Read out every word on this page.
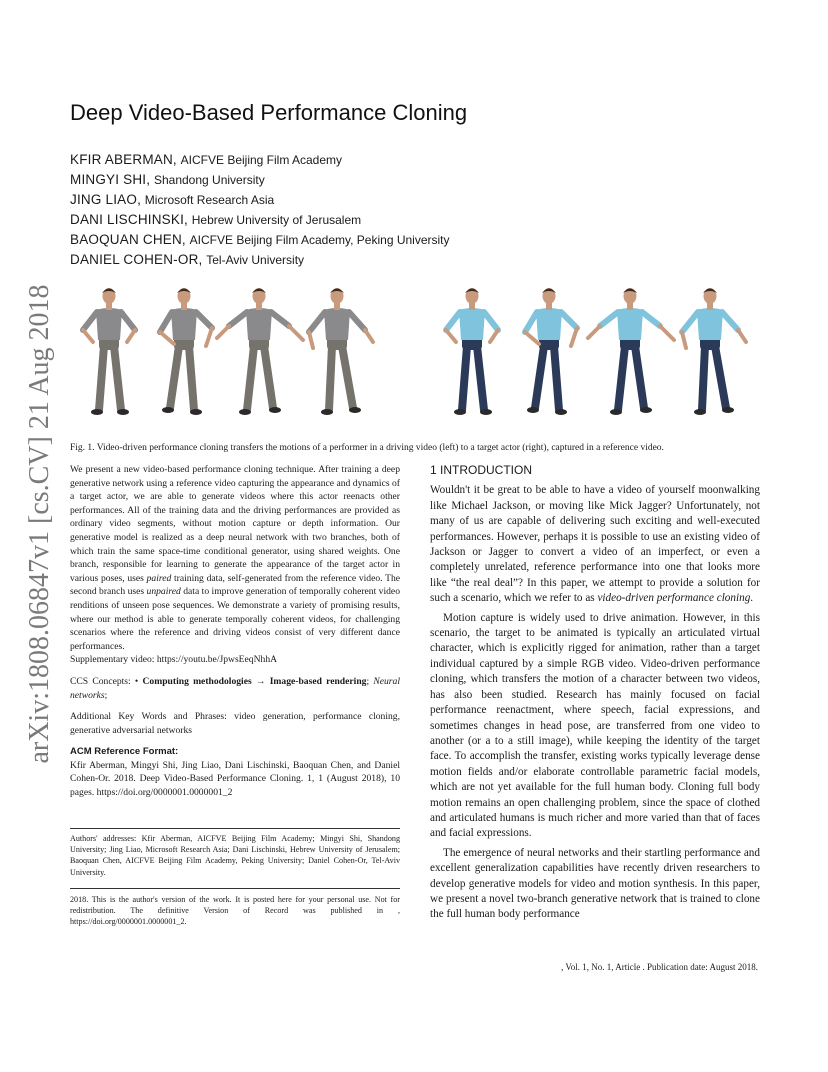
Deep Video-Based Performance Cloning
KFIR ABERMAN, AICFVE Beijing Film Academy
MINGYI SHI, Shandong University
JING LIAO, Microsoft Research Asia
DANI LISCHINSKI, Hebrew University of Jerusalem
BAOQUAN CHEN, AICFVE Beijing Film Academy, Peking University
DANIEL COHEN-OR, Tel-Aviv University
arXiv:1808.06847v1 [cs.CV] 21 Aug 2018 Fig. 1. Video-driven performance cloning transfers the motions of a performer in a driving video (left) to a target actor (right), captured in a reference video.

We present a new video-based performance cloning technique. After training a deep generative network using a reference video capturing the appearance and dynamics of a target actor, we are able to generate videos where this actor reenacts other performances. All of the training data and the driving performances are provided as ordinary video segments, without motion capture or depth information. Our generative model is realized as a deep neural network with two branches, both of which train the same space-time conditional generator, using shared weights. One branch, responsible for learning to generate the appearance of the target actor in various poses, uses paired training data, self-generated from the reference video. The second branch uses unpaired data to improve generation of temporally coherent video renditions of unseen pose sequences. We demonstrate a variety of promising results, where our method is able to generate temporally coherent videos, for challenging scenarios where the reference and driving videos consist of very different dance performances.
Supplementary video: https://youtu.be/JpwsEeqNhhA

CCS Concepts: • Computing methodologies → Image-based rendering; Neural networks;

Additional Key Words and Phrases: video generation, performance cloning, generative adversarial networks

ACM Reference Format:

Kfir Aberman, Mingyi Shi, Jing Liao, Dani Lischinski, Baoquan Chen, and Daniel Cohen-Or. 2018. Deep Video-Based Performance Cloning. 1, 1 (August 2018), 10 pages. https://doi.org/0000001.0000001_2

Authors' addresses: Kfir Aberman, AICFVE Beijing Film Academy; Mingyi Shi, Shandong University; Jing Liao, Microsoft Research Asia; Dani Lischinski, Hebrew University of Jerusalem; Baoquan Chen, AICFVE Beijing Film Academy, Peking University; Daniel Cohen-Or, Tel-Aviv University.
2018. This is the author's version of the work. It is posted here for your personal use. Not for redistribution. The definitive Version of Record was published in , https://doi.org/0000001.0000001_2.
1 INTRODUCTION

Wouldn't it be great to be able to have a video of yourself moonwalking like Michael Jackson, or moving like Mick Jagger? Unfortunately, not many of us are capable of delivering such exciting and well-executed performances. However, perhaps it is possible to use an existing video of Jackson or Jagger to convert a video of an imperfect, or even a completely unrelated, reference performance into one that looks more like “the real deal”? In this paper, we attempt to provide a solution for such a scenario, which we refer to as video-driven performance cloning.

Motion capture is widely used to drive animation. However, in this scenario, the target to be animated is typically an articulated virtual character, which is explicitly rigged for animation, rather than a target individual captured by a simple RGB video. Video-driven performance cloning, which transfers the motion of a character between two videos, has also been studied. Research has mainly focused on facial performance reenactment, where speech, facial expressions, and sometimes changes in head pose, are transferred from one video to another (or a to a still image), while keeping the identity of the target face. To accomplish the transfer, existing works typically leverage dense motion fields and/or elaborate controllable parametric facial models, which are not yet available for the full human body. Cloning full body motion remains an open challenging problem, since the space of clothed and articulated humans is much richer and more varied than that of faces and facial expressions.

The emergence of neural networks and their startling performance and excellent generalization capabilities have recently driven researchers to develop generative models for video and motion synthesis. In this paper, we present a novel two-branch generative network that is trained to clone the full human body performance

, Vol. 1, No. 1, Article . Publication date: August 2018.
